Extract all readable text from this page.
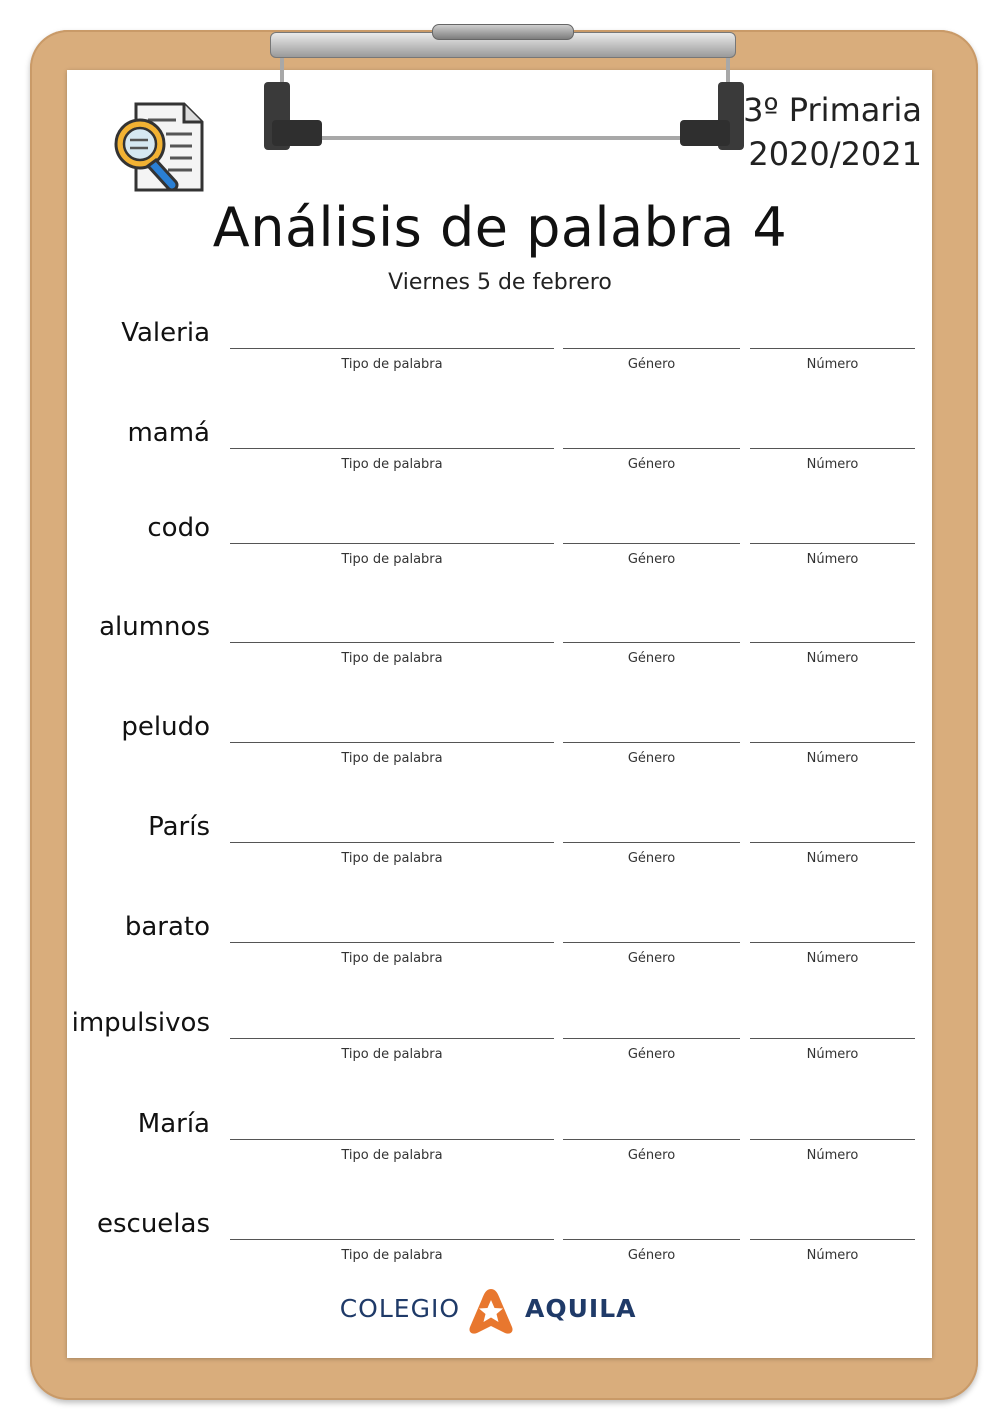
3º Primaria
2020/2021
Análisis de palabra 4
Viernes 5 de febrero
Valeria
Tipo de palabra	Género	Número
mamá
Tipo de palabra	Género	Número
codo
Tipo de palabra	Género	Número
alumnos
Tipo de palabra	Género	Número
peludo
Tipo de palabra	Género	Número
París
Tipo de palabra	Género	Número
barato
Tipo de palabra	Género	Número
impulsivos
Tipo de palabra	Género	Número
María
Tipo de palabra	Género	Número
escuelas
Tipo de palabra	Género	Número
COLEGIO	AQUILA
